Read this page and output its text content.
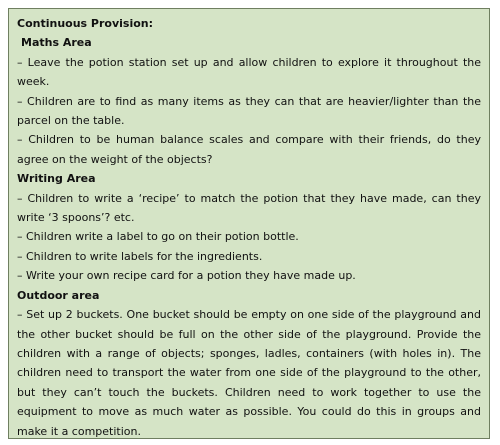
Continuous Provision:

Maths Area

– Leave the potion station set up and allow children to explore it throughout the week.

– Children are to find as many items as they can that are heavier/lighter than the parcel on the table.

– Children to be human balance scales and compare with their friends, do they agree on the weight of the objects?

Writing Area

– Children to write a ‘recipe’ to match the potion that they have made, can they write ‘3 spoons’? etc.

– Children write a label to go on their potion bottle.

– Children to write labels for the ingredients.

– Write your own recipe card for a potion they have made up.

Outdoor area

– Set up 2 buckets. One bucket should be empty on one side of the playground and the other bucket should be full on the other side of the playground. Provide the children with a range of objects; sponges, ladles, containers (with holes in). The children need to transport the water from one side of the playground to the other, but they can’t touch the buckets. Children need to work together to use the equipment to move as much water as possible. You could do this in groups and make it a competition.
